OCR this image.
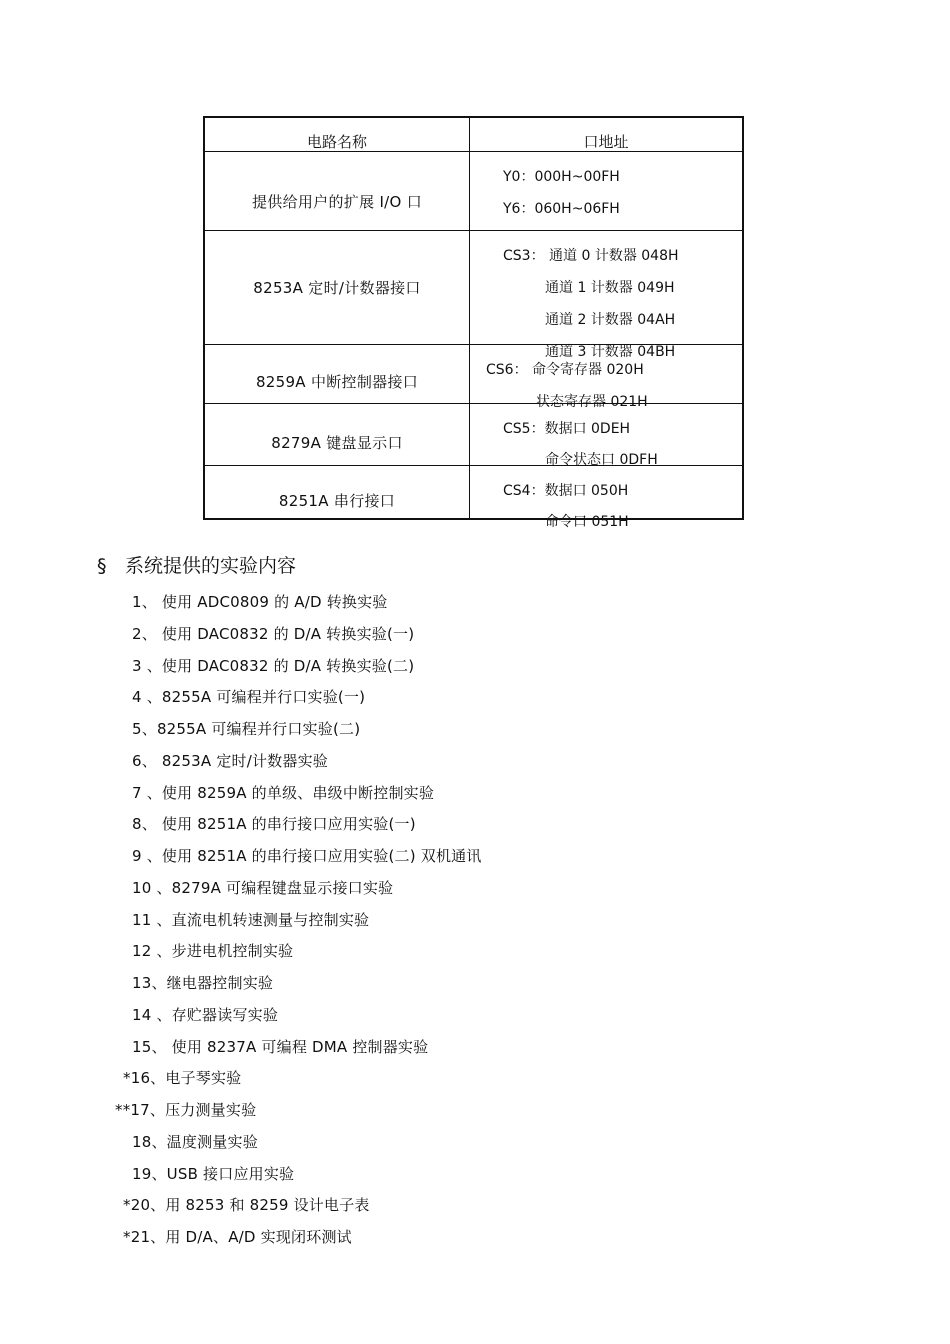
电路名称	口地址
提供给用户的扩展 I/O 口
Y0：000H~00FH
Y6：060H~06FH
8253A 定时/计数器接口
CS3： 通道 0 计数器 048H
通道 1 计数器 049H
通道 2 计数器 04AH
通道 3 计数器 04BH
8259A 中断控制器接口
CS6： 命令寄存器 020H
状态寄存器 021H
8279A 键盘显示口
CS5：数据口 0DEH
命令状态口 0DFH
8251A 串行接口
CS4：数据口 050H
命令口 051H
§ 系统提供的实验内容
1、 使用 ADC0809 的 A/D 转换实验
2、 使用 DAC0832 的 D/A 转换实验(一)
3 、使用 DAC0832 的 D/A 转换实验(二)
4 、8255A 可编程并行口实验(一)
5、8255A 可编程并行口实验(二)
6、 8253A 定时/计数器实验
7 、使用 8259A 的单级、串级中断控制实验
8、 使用 8251A 的串行接口应用实验(一)
9 、使用 8251A 的串行接口应用实验(二) 双机通讯
10 、8279A 可编程键盘显示接口实验
11 、直流电机转速测量与控制实验
12 、步进电机控制实验
13、继电器控制实验
14 、存贮器读写实验
15、 使用 8237A 可编程 DMA 控制器实验
*16、电子琴实验
**17、压力测量实验
18、温度测量实验
19、USB 接口应用实验
*20、用 8253 和 8259 设计电子表
*21、用 D/A、A/D 实现闭环测试
